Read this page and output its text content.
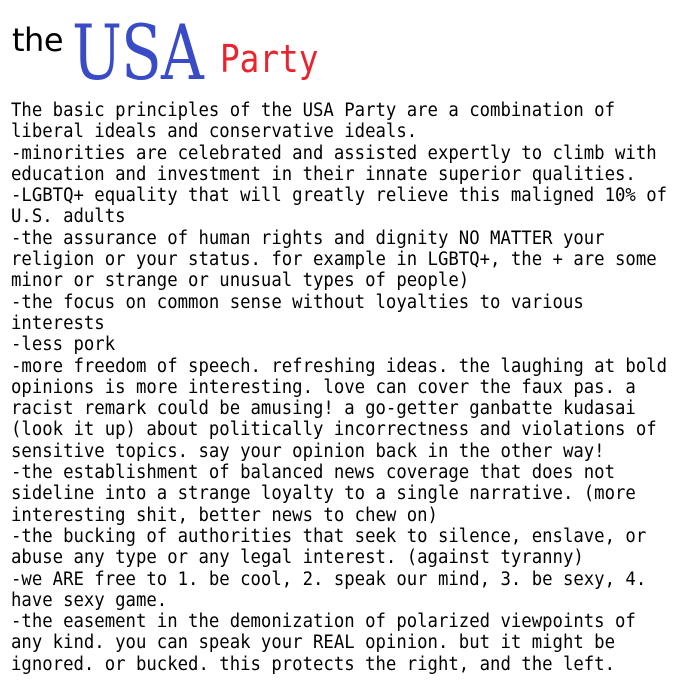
the USA Party
The basic principles of the USA Party are a combination of
liberal ideals and conservative ideals.
-minorities are celebrated and assisted expertly to climb with
education and investment in their innate superior qualities.
-LGBTQ+ equality that will greatly relieve this maligned 10% of
U.S. adults
-the assurance of human rights and dignity NO MATTER your
religion or your status. for example in LGBTQ+, the + are some
minor or strange or unusual types of people)
-the focus on common sense without loyalties to various
interests
-less pork
-more freedom of speech. refreshing ideas. the laughing at bold
opinions is more interesting. love can cover the faux pas. a
racist remark could be amusing! a go-getter ganbatte kudasai
(look it up) about politically incorrectness and violations of
sensitive topics. say your opinion back in the other way!
-the establishment of balanced news coverage that does not
sideline into a strange loyalty to a single narrative. (more
interesting shit, better news to chew on)
-the bucking of authorities that seek to silence, enslave, or
abuse any type or any legal interest. (against tyranny)
-we ARE free to 1. be cool, 2. speak our mind, 3. be sexy, 4.
have sexy game.
-the easement in the demonization of polarized viewpoints of
any kind. you can speak your REAL opinion. but it might be
ignored. or bucked. this protects the right, and the left.
